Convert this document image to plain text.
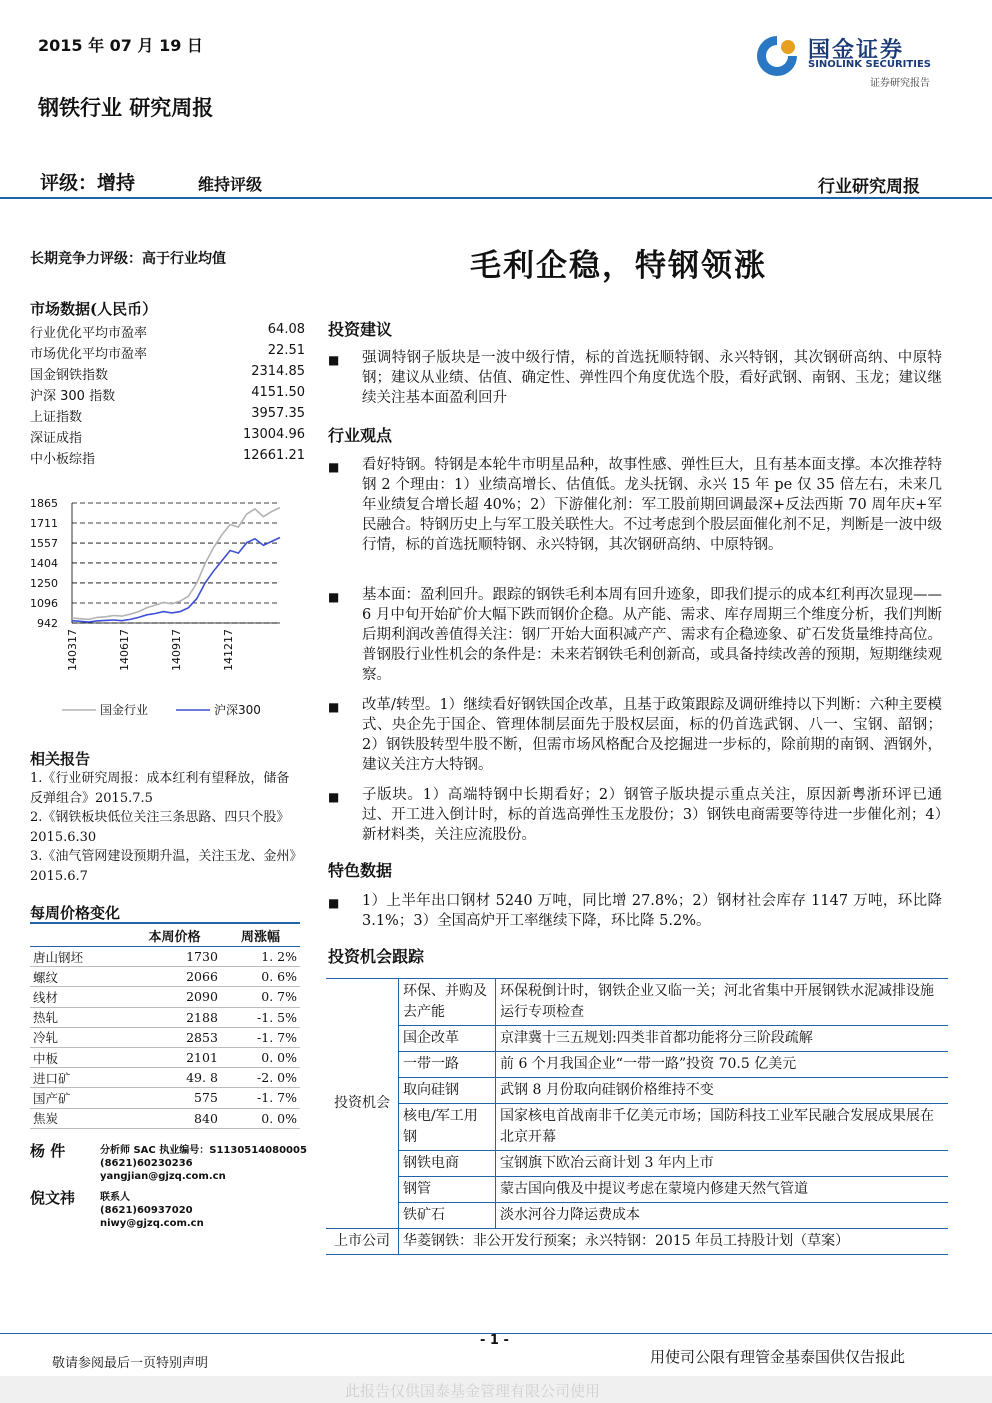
2015 年 07 月 19 日	国金证券
SINOLINK SECURITIES
证券研究报告
钢铁行业 研究周报
评级：增持	维持评级	行业研究周报
长期竞争力评级：高于行业均值
市场数据(人民币）
行业优化平均市盈率	64.08
市场优化平均市盈率	22.51
国金钢铁指数	2314.85
沪深 300 指数	4151.50
上证指数	3957.35
深证成指	13004.96
中小板综指	12661.21
1865
1711
1557
1404
1250
1096
942
140317	140617	140917	141217
国金行业	沪深300
相关报告
1.《行业研究周报：成本红利有望释放，储备反弹组合》2015.7.5
2.《钢铁板块低位关注三条思路、四只个股》2015.6.30
3.《油气管网建设预期升温，关注玉龙、金州》2015.6.7
每周价格变化
	本周价格	周涨幅
唐山钢坯	1730	1. 2%
螺纹	2066	0. 6%
线材	2090	0. 7%
热轧	2188	-1. 5%
冷轧	2853	-1. 7%
中板	2101	0. 0%
进口矿	49. 8	-2. 0%
国产矿	575	-1. 7%
焦炭	840	0. 0%
杨 件	分析师 SAC 执业编号：S1130514080005
(8621)60230236
yangjian@gjzq.com.cn
倪文祎 联系人
(8621)60937020
niwy@gjzq.com.cn
毛利企稳，特钢领涨
投资建议
■ 强调特钢子版块是一波中级行情，标的首选抚顺特钢、永兴特钢，其次钢研高纳、中原特钢；建议从业绩、估值、确定性、弹性四个角度优选个股，看好武钢、南钢、玉龙；建议继续关注基本面盈利回升
行业观点
■ 看好特钢。特钢是本轮牛市明星品种，故事性感、弹性巨大，且有基本面支撑。本次推荐特钢 2 个理由：1）业绩高增长、估值低。龙头抚钢、永兴 15 年 pe 仅 35 倍左右，未来几年业绩复合增长超 40%；2）下游催化剂：军工股前期回调最深+反法西斯 70 周年庆+军民融合。特钢历史上与军工股关联性大。不过考虑到个股层面催化剂不足，判断是一波中级行情，标的首选抚顺特钢、永兴特钢，其次钢研高纳、中原特钢。
■ 基本面：盈利回升。跟踪的钢铁毛利本周有回升迹象，即我们提示的成本红利再次显现——6 月中旬开始矿价大幅下跌而钢价企稳。从产能、需求、库存周期三个维度分析，我们判断后期利润改善值得关注：钢厂开始大面积减产产、需求有企稳迹象、矿石发货量维持高位。普钢股行业性机会的条件是：未来若钢铁毛利创新高，或具备持续改善的预期，短期继续观察。
■ 改革/转型。1）继续看好钢铁国企改革，且基于政策跟踪及调研维持以下判断：六种主要模式、央企先于国企、管理体制层面先于股权层面，标的仍首选武钢、八一、宝钢、韶钢；2）钢铁股转型牛股不断，但需市场风格配合及挖掘进一步标的，除前期的南钢、酒钢外，建议关注方大特钢。
■ 子版块。1）高端特钢中长期看好；2）钢管子版块提示重点关注，原因新粤浙环评已通过、开工进入倒计时，标的首选高弹性玉龙股份；3）钢铁电商需要等待进一步催化剂；4）新材料类，关注应流股份。
特色数据
■ 1）上半年出口钢材 5240 万吨，同比增 27.8%；2）钢材社会库存 1147 万吨，环比降 3.1%；3）全国高炉开工率继续下降，环比降 5.2%。
投资机会跟踪
投资机会	环保、并购及去产能	环保税倒计时，钢铁企业又临一关；河北省集中开展钢铁水泥减排设施运行专项检查
	国企改革	京津冀十三五规划:四类非首都功能将分三阶段疏解
	一带一路	前 6 个月我国企业“一带一路”投资 70.5 亿美元
	取向硅钢	武钢 8 月份取向硅钢价格维持不变
	核电/军工用钢	国家核电首战南非千亿美元市场；国防科技工业军民融合发展成果展在北京开幕
	钢铁电商	宝钢旗下欧冶云商计划 3 年内上市
	钢管	蒙古国向俄及中提议考虑在蒙境内修建天然气管道
	铁矿石	淡水河谷力降运费成本
上市公司	华菱钢铁：非公开发行预案；永兴特钢：2015 年员工持股计划（草案）	
- 1 -
敬请参阅最后一页特别声明	用使司公限有理管金基泰国供仅告报此
此报告仅供国泰基金管理有限公司使用
